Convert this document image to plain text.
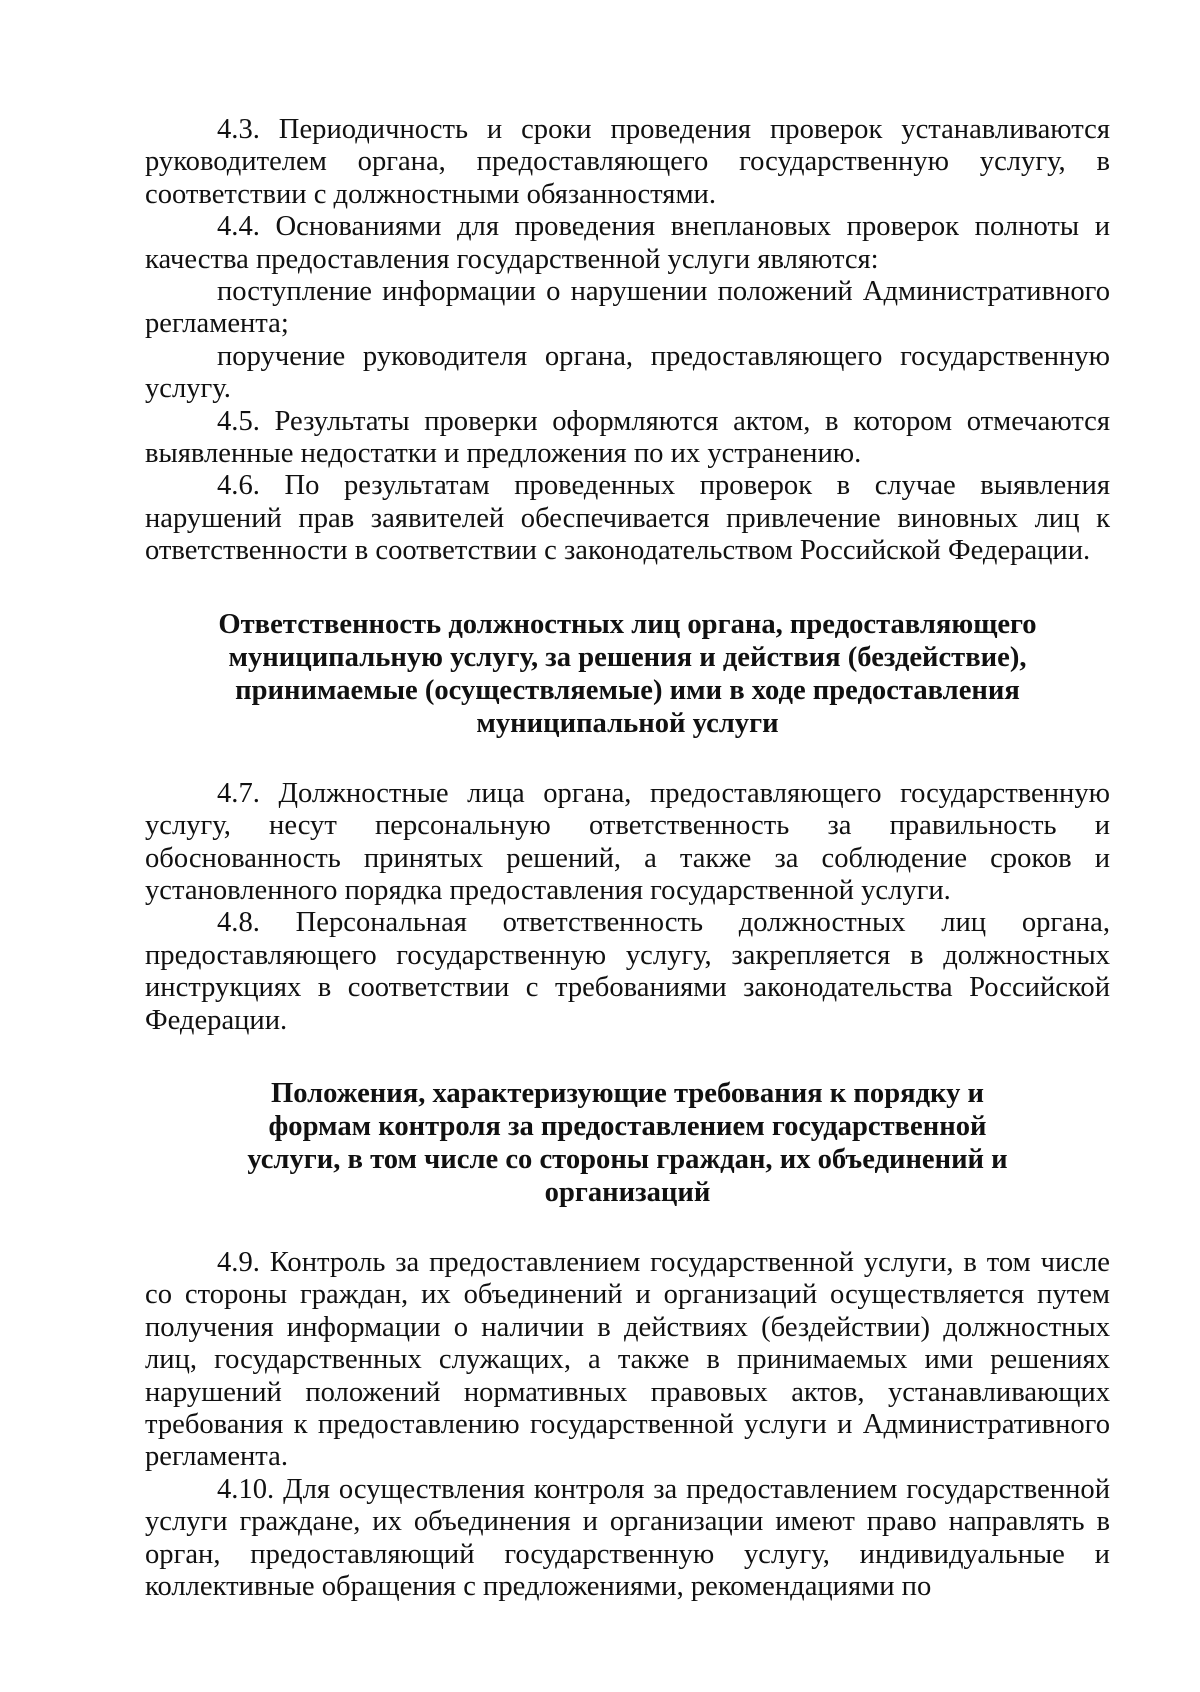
4.3. Периодичность и сроки проведения проверок устанавливаются руководителем органа, предоставляющего государственную услугу, в соответствии с должностными обязанностями.

4.4. Основаниями для проведения внеплановых проверок полноты и качества предоставления государственной услуги являются:

поступление информации о нарушении положений Административного регламента;

поручение руководителя органа, предоставляющего государственную услугу.

4.5. Результаты проверки оформляются актом, в котором отмечаются выявленные недостатки и предложения по их устранению.

4.6. По результатам проведенных проверок в случае выявления нарушений прав заявителей обеспечивается привлечение виновных лиц к ответственности в соответствии с законодательством Российской Федерации.

Ответственность должностных лиц органа, предоставляющего муниципальную услугу, за решения и действия (бездействие), принимаемые (осуществляемые) ими в ходе предоставления муниципальной услуги

4.7. Должностные лица органа, предоставляющего государственную услугу, несут персональную ответственность за правильность и обоснованность принятых решений, а также за соблюдение сроков и установленного порядка предоставления государственной услуги.

4.8. Персональная ответственность должностных лиц органа, предоставляющего государственную услугу, закрепляется в должностных инструкциях в соответствии с требованиями законодательства Российской Федерации.

Положения, характеризующие требования к порядку и формам контроля за предоставлением государственной услуги, в том числе со стороны граждан, их объединений и организаций

4.9. Контроль за предоставлением государственной услуги, в том числе со стороны граждан, их объединений и организаций осуществляется путем получения информации о наличии в действиях (бездействии) должностных лиц, государственных служащих, а также в принимаемых ими решениях нарушений положений нормативных правовых актов, устанавливающих требования к предоставлению государственной услуги и Административного регламента.

4.10. Для осуществления контроля за предоставлением государственной услуги граждане, их объединения и организации имеют право направлять в орган, предоставляющий государственную услугу, индивидуальные и коллективные обращения с предложениями, рекомендациями по
